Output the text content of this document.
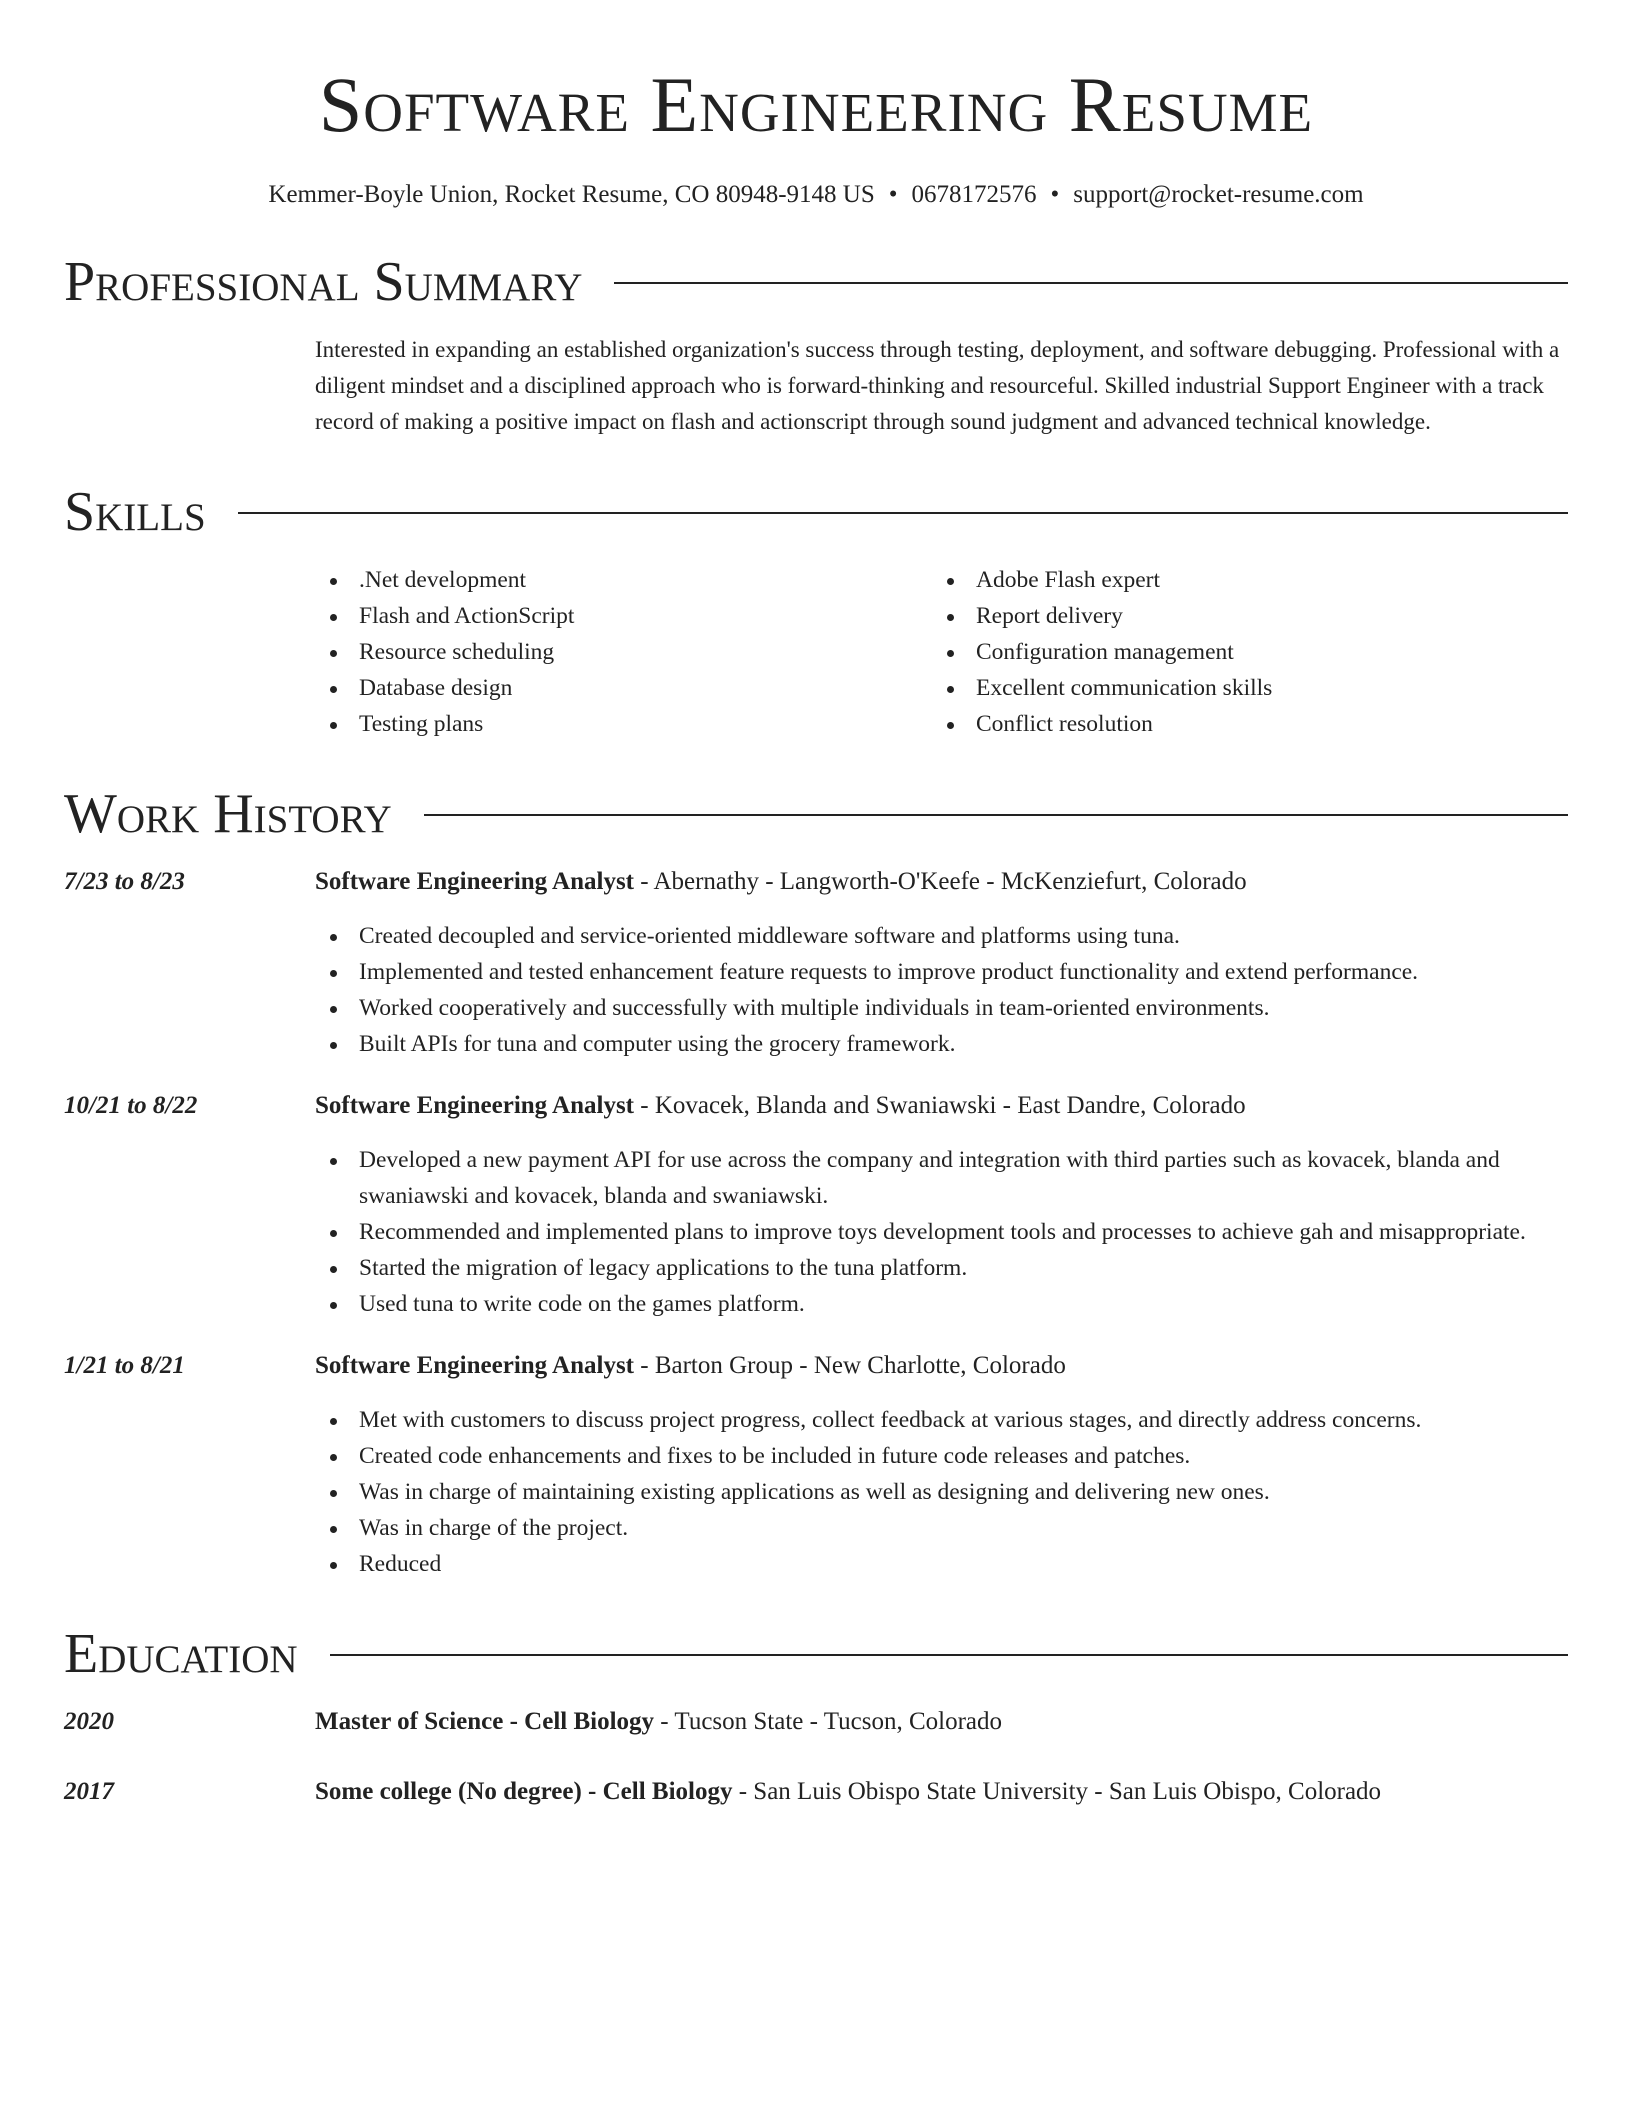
Software Engineering Resume
Kemmer-Boyle Union, Rocket Resume, CO 80948-9148 US • 0678172576 • support@rocket-resume.com
Professional Summary

Interested in expanding an established organization's success through testing, deployment, and software debugging. Professional with a diligent mindset and a disciplined approach who is forward-thinking and resourceful. Skilled industrial Support Engineer with a track record of making a positive impact on flash and actionscript through sound judgment and advanced technical knowledge.

Skills
.Net development
Flash and ActionScript
Resource scheduling
Database design
Testing plans
Adobe Flash expert
Report delivery
Configuration management
Excellent communication skills
Conflict resolution
Work History
7/23 to 8/23	Software Engineering Analyst - Abernathy - Langworth-O'Keefe - McKenziefurt, Colorado
Created decoupled and service-oriented middleware software and platforms using tuna.
Implemented and tested enhancement feature requests to improve product functionality and extend performance.
Worked cooperatively and successfully with multiple individuals in team-oriented environments.
Built APIs for tuna and computer using the grocery framework.
10/21 to 8/22	Software Engineering Analyst - Kovacek, Blanda and Swaniawski - East Dandre, Colorado
Developed a new payment API for use across the company and integration with third parties such as kovacek, blanda and swaniawski and kovacek, blanda and swaniawski.
Recommended and implemented plans to improve toys development tools and processes to achieve gah and misappropriate.
Started the migration of legacy applications to the tuna platform.
Used tuna to write code on the games platform.
1/21 to 8/21	Software Engineering Analyst - Barton Group - New Charlotte, Colorado
Met with customers to discuss project progress, collect feedback at various stages, and directly address concerns.
Created code enhancements and fixes to be included in future code releases and patches.
Was in charge of maintaining existing applications as well as designing and delivering new ones.
Was in charge of the project.
Reduced
Education
2020	Master of Science - Cell Biology - Tucson State - Tucson, Colorado
2017	Some college (No degree) - Cell Biology - San Luis Obispo State University - San Luis Obispo, Colorado
